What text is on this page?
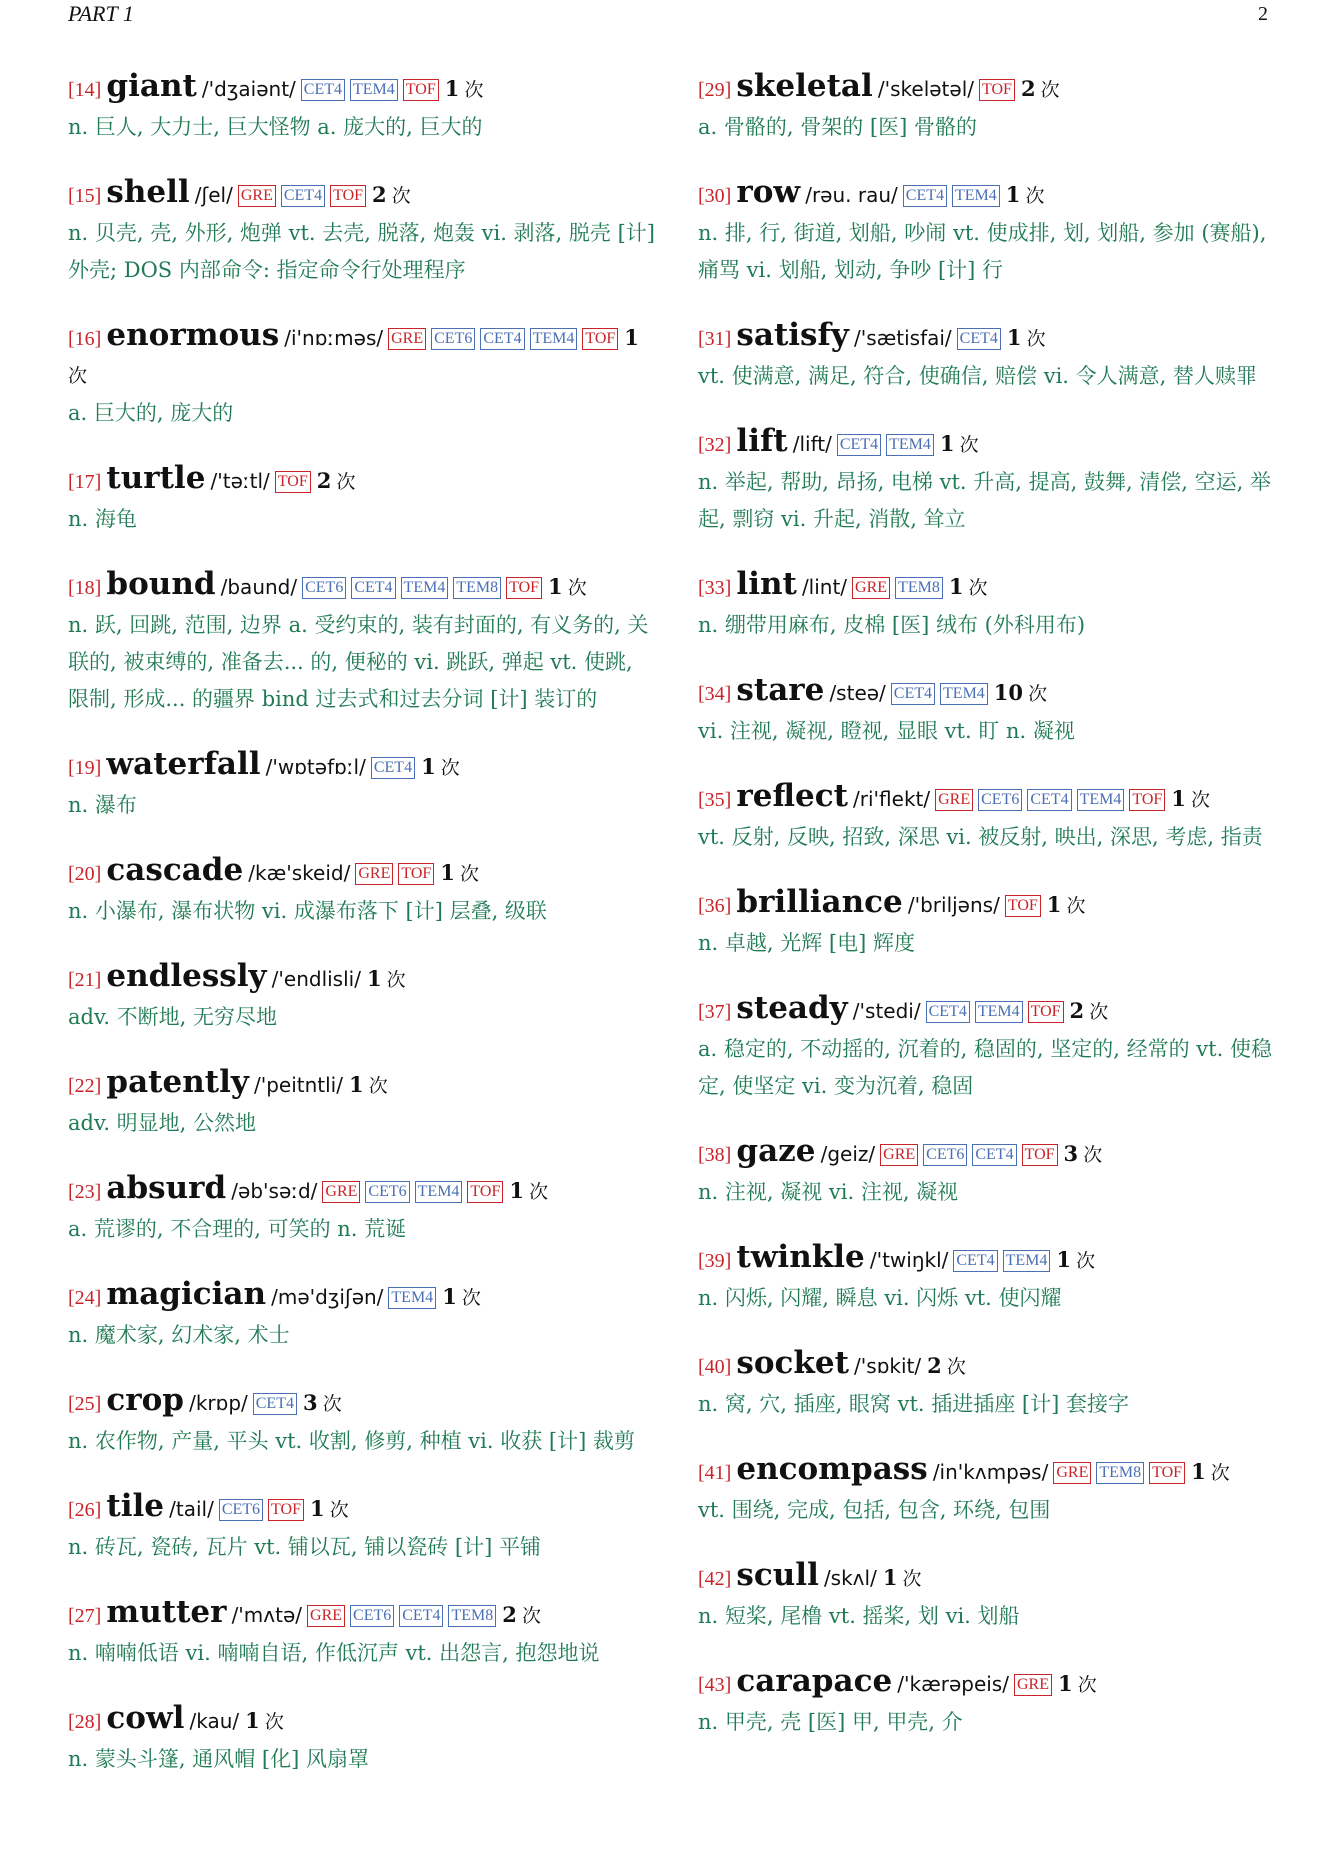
PART 1	2
[14] giant /'dʒaiənt/ CET4 TEM4 TOF 1 次
n. 巨人, 大力士, 巨大怪物 a. 庞大的, 巨大的
[15] shell /ʃel/ GRE CET4 TOF 2 次
n. 贝壳, 壳, 外形, 炮弹 vt. 去壳, 脱落, 炮轰 vi. 剥落, 脱壳 [计] 外壳; DOS 内部命令: 指定命令行处理程序
[16] enormous /i'nɒːməs/ GRE CET6 CET4 TEM4 TOF 1 次
a. 巨大的, 庞大的
[17] turtle /'təːtl/ TOF 2 次
n. 海龟
[18] bound /baund/ CET6 CET4 TEM4 TEM8 TOF 1 次
n. 跃, 回跳, 范围, 边界 a. 受约束的, 装有封面的, 有义务的, 关联的, 被束缚的, 准备去... 的, 便秘的 vi. 跳跃, 弹起 vt. 使跳, 限制, 形成... 的疆界 bind 过去式和过去分词 [计] 装订的
[19] waterfall /'wɒtəfɒːl/ CET4 1 次
n. 瀑布
[20] cascade /kæ'skeid/ GRE TOF 1 次
n. 小瀑布, 瀑布状物 vi. 成瀑布落下 [计] 层叠, 级联
[21] endlessly /'endlisli/ 1 次
adv. 不断地, 无穷尽地
[22] patently /'peitntli/ 1 次
adv. 明显地, 公然地
[23] absurd /əb'səːd/ GRE CET6 TEM4 TOF 1 次
a. 荒谬的, 不合理的, 可笑的 n. 荒诞
[24] magician /mə'dʒiʃən/ TEM4 1 次
n. 魔术家, 幻术家, 术士
[25] crop /krɒp/ CET4 3 次
n. 农作物, 产量, 平头 vt. 收割, 修剪, 种植 vi. 收获 [计] 裁剪
[26] tile /tail/ CET6 TOF 1 次
n. 砖瓦, 瓷砖, 瓦片 vt. 铺以瓦, 铺以瓷砖 [计] 平铺
[27] mutter /'mʌtə/ GRE CET6 CET4 TEM8 2 次
n. 喃喃低语 vi. 喃喃自语, 作低沉声 vt. 出怨言, 抱怨地说
[28] cowl /kau/ 1 次
n. 蒙头斗篷, 通风帽 [化] 风扇罩
[29] skeletal /'skelətəl/ TOF 2 次
a. 骨骼的, 骨架的 [医] 骨骼的
[30] row /rəu. rau/ CET4 TEM4 1 次
n. 排, 行, 街道, 划船, 吵闹 vt. 使成排, 划, 划船, 参加 (赛船), 痛骂 vi. 划船, 划动, 争吵 [计] 行
[31] satisfy /'sætisfai/ CET4 1 次
vt. 使满意, 满足, 符合, 使确信, 赔偿 vi. 令人满意, 替人赎罪
[32] lift /lift/ CET4 TEM4 1 次
n. 举起, 帮助, 昂扬, 电梯 vt. 升高, 提高, 鼓舞, 清偿, 空运, 举起, 剽窃 vi. 升起, 消散, 耸立
[33] lint /lint/ GRE TEM8 1 次
n. 绷带用麻布, 皮棉 [医] 绒布 (外科用布)
[34] stare /steə/ CET4 TEM4 10 次
vi. 注视, 凝视, 瞪视, 显眼 vt. 盯 n. 凝视
[35] reflect /ri'flekt/ GRE CET6 CET4 TEM4 TOF 1 次
vt. 反射, 反映, 招致, 深思 vi. 被反射, 映出, 深思, 考虑, 指责
[36] brilliance /'briljəns/ TOF 1 次
n. 卓越, 光辉 [电] 辉度
[37] steady /'stedi/ CET4 TEM4 TOF 2 次
a. 稳定的, 不动摇的, 沉着的, 稳固的, 坚定的, 经常的 vt. 使稳定, 使坚定 vi. 变为沉着, 稳固
[38] gaze /geiz/ GRE CET6 CET4 TOF 3 次
n. 注视, 凝视 vi. 注视, 凝视
[39] twinkle /'twiŋkl/ CET4 TEM4 1 次
n. 闪烁, 闪耀, 瞬息 vi. 闪烁 vt. 使闪耀
[40] socket /'sɒkit/ 2 次
n. 窝, 穴, 插座, 眼窝 vt. 插进插座 [计] 套接字
[41] encompass /in'kʌmpəs/ GRE TEM8 TOF 1 次
vt. 围绕, 完成, 包括, 包含, 环绕, 包围
[42] scull /skʌl/ 1 次
n. 短桨, 尾橹 vt. 摇桨, 划 vi. 划船
[43] carapace /'kærəpeis/ GRE 1 次
n. 甲壳, 壳 [医] 甲, 甲壳, 介
